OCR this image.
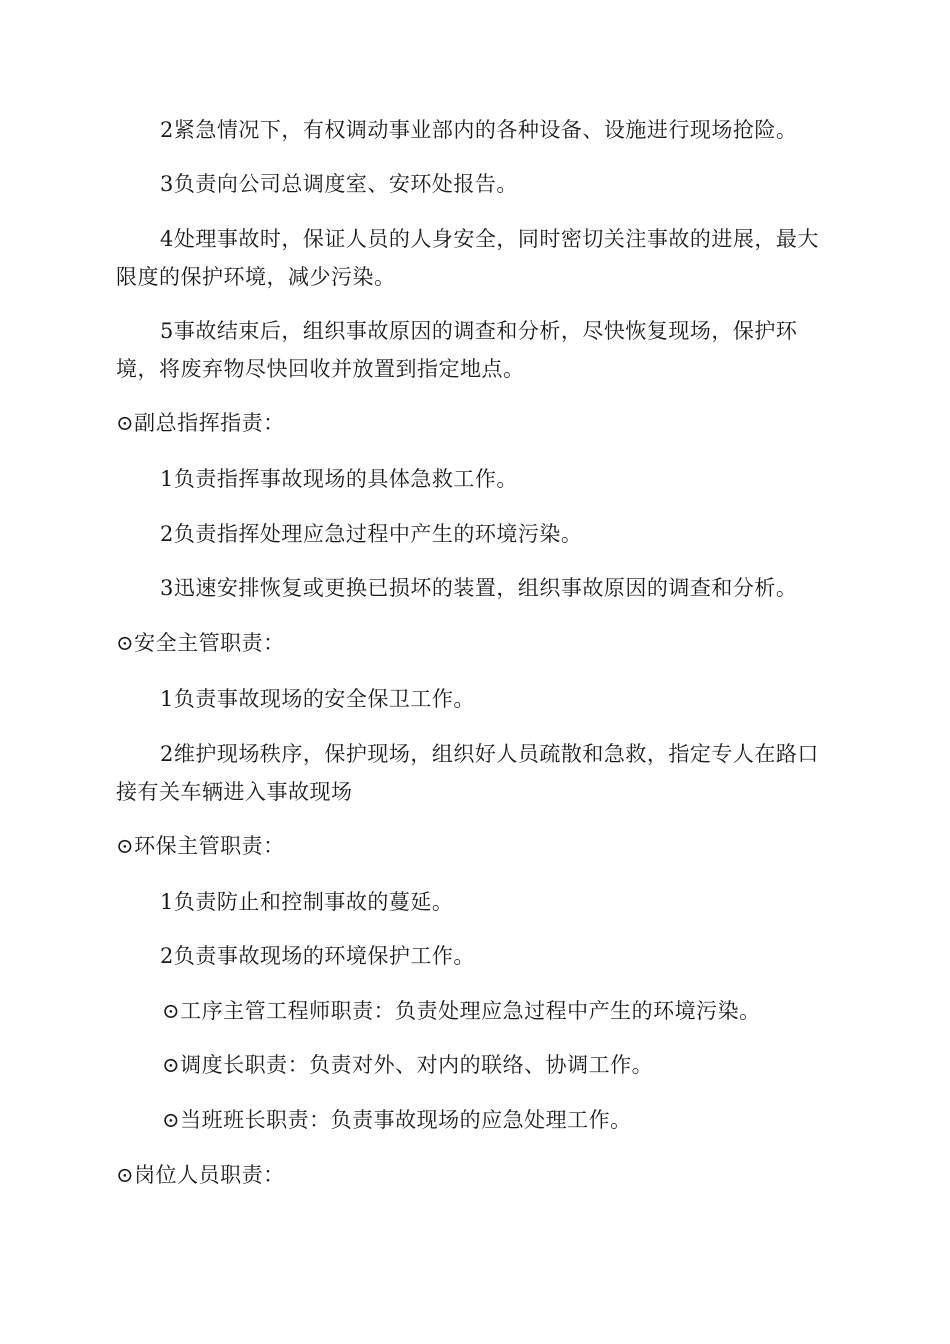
2紧急情况下，有权调动事业部内的各种设备、设施进行现场抢险。

3负责向公司总调度室、安环处报告。

4处理事故时，保证人员的人身安全，同时密切关注事故的进展，最大限度的保护环境，减少污染。

5事故结束后，组织事故原因的调查和分析，尽快恢复现场，保护环境，将废弃物尽快回收并放置到指定地点。

⊙副总指挥指责：

1负责指挥事故现场的具体急救工作。

2负责指挥处理应急过程中产生的环境污染。

3迅速安排恢复或更换已损坏的装置，组织事故原因的调查和分析。

⊙安全主管职责：

1负责事故现场的安全保卫工作。

2维护现场秩序，保护现场，组织好人员疏散和急救，指定专人在路口接有关车辆进入事故现场

⊙环保主管职责：

1负责防止和控制事故的蔓延。

2负责事故现场的环境保护工作。

⊙工序主管工程师职责：负责处理应急过程中产生的环境污染。

⊙调度长职责：负责对外、对内的联络、协调工作。

⊙当班班长职责：负责事故现场的应急处理工作。

⊙岗位人员职责：
